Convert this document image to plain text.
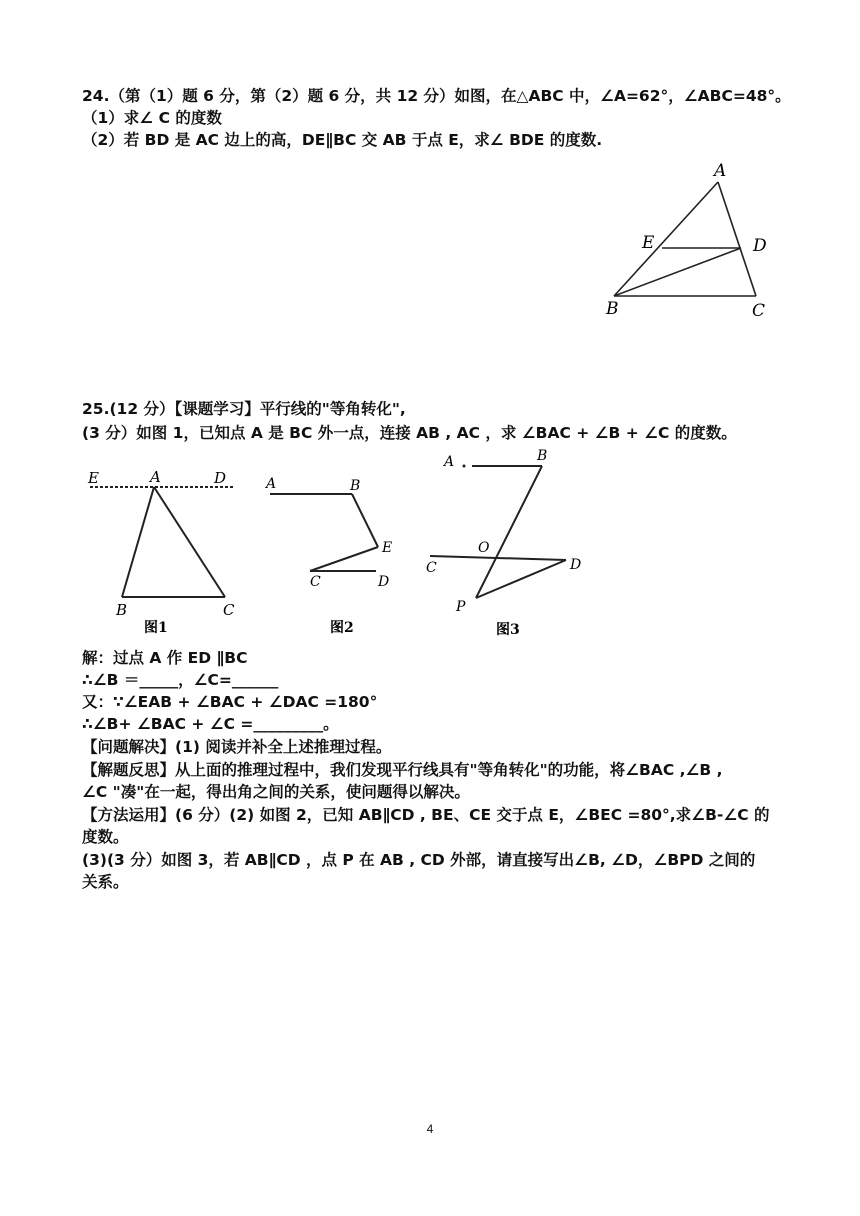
24.（第（1）题 6 分，第（2）题 6 分，共 12 分）如图，在△ABC 中，∠A=62°，∠ABC=48°。
（1）求∠ C 的度数
（2）若 BD 是 AC 边上的高，DE∥BC 交 AB 于点 E，求∠ BDE 的度数.
A
E	D
B	C
25.(12 分）【课题学习】平行线的"等角转化",
(3 分）如图 1，已知点 A 是 BC 外一点，连接 AB , AC ，求 ∠BAC + ∠B + ∠C 的度数。
E	A	D
B	C
图1
A	B
E
C	D
图2
A	B
O
C	D
P
图3
解：过点 A 作 ED ∥BC
∴∠B ＝_____，∠C=______
又：∵∠EAB + ∠BAC + ∠DAC =180°
∴∠B+ ∠BAC + ∠C =_________。
【问题解决】(1) 阅读并补全上述推理过程。
【解题反思】从上面的推理过程中，我们发现平行线具有"等角转化"的功能，将∠BAC ,∠B ,
∠C "凑"在一起，得出角之间的关系，使问题得以解决。
【方法运用】(6 分）(2) 如图 2，已知 AB∥CD , BE、CE 交于点 E，∠BEC =80°,求∠B-∠C 的
度数。
(3)(3 分）如图 3，若 AB∥CD ，点 P 在 AB , CD 外部，请直接写出∠B, ∠D，∠BPD 之间的
关系。
4
